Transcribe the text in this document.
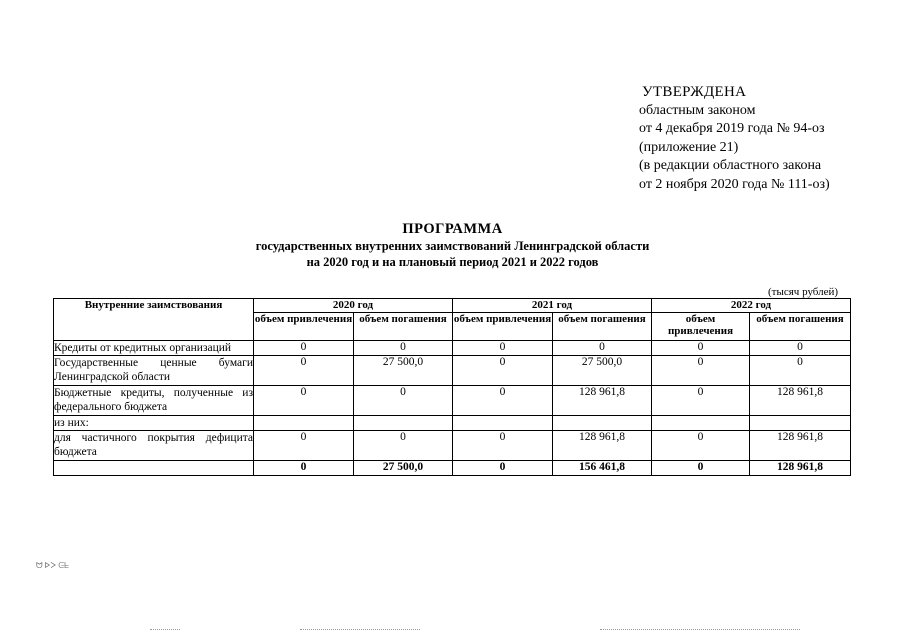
УТВЕРЖДЕНА
областным законом
от 4 декабря 2019 года № 94-оз
(приложение 21)
(в редакции областного закона
от 2 ноября 2020 года № 111-оз)
ПРОГРАММА
государственных внутренних заимствований Ленинградской области
на 2020 год и на плановый период 2021 и 2022 годов
(тысяч рублей)
Внутренние заимствования	2020 год		2021 год		2022 год	
	объем привлечения	объем погашения	объем привлечения	объем погашения	объем привлечения	объем погашения
Кредиты от кредитных организаций	0	0	0	0	0	0
Государственные ценные бумаги Ленинградской области	0	27 500,0	0	27 500,0	0	0
Бюджетные кредиты, полученные из федерального бюджета	0	0	0	128 961,8	0	128 961,8
из них:						
для частичного покрытия дефицита бюджета	0	0	0	128 961,8	0	128 961,8
	0	27 500,0	0	156 461,8	0	128 961,8
ᗢ ᐅᐳ ᕮᖶ
